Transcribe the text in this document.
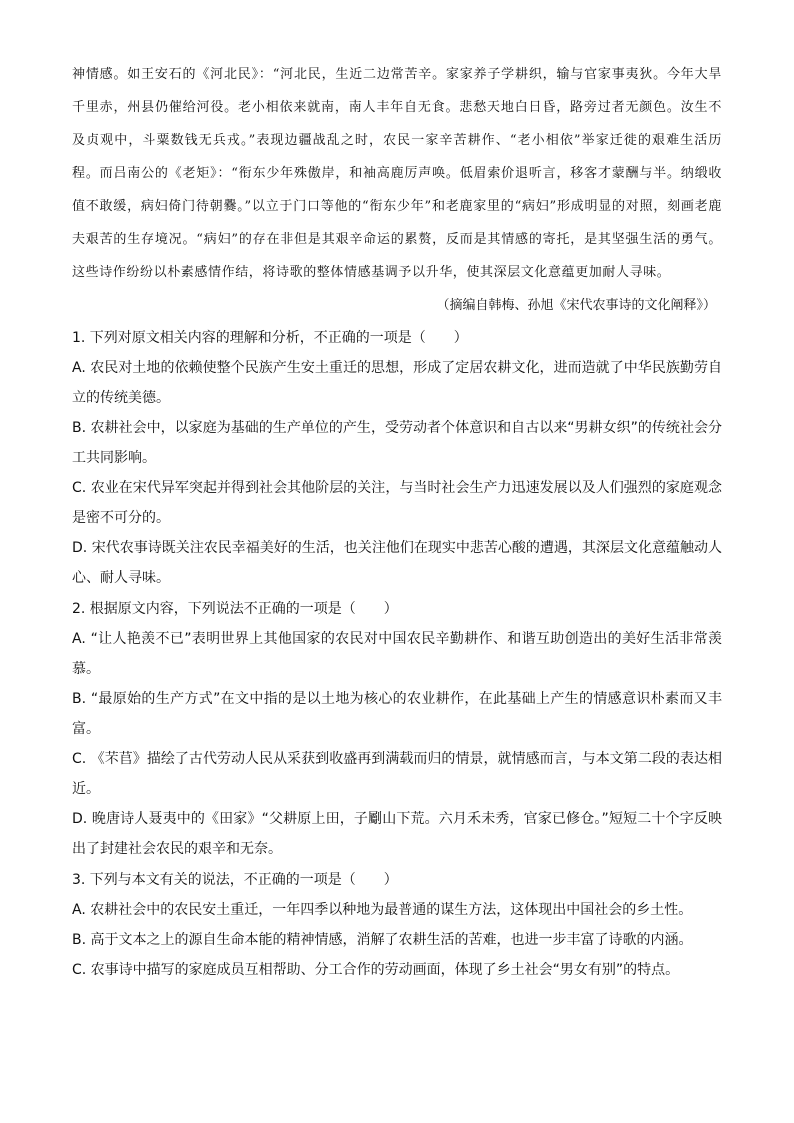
神情感。如王安石的《河北民》：“河北民，生近二边常苦辛。家家养子学耕织，输与官家事夷狄。今年大旱千里赤，州县仍催给河役。老小相依来就南，南人丰年自无食。悲愁天地白日昏，路旁过者无颜色。汝生不及贞观中，斗粟数钱无兵戎。”表现边疆战乱之时，农民一家辛苦耕作、“老小相依”举家迁徙的艰难生活历程。而吕南公的《老矩》：“衔东少年殊傲岸，和袖高鹿厉声唤。低眉索价退听言，移客才蒙酬与半。纳缎收值不敢缓，病妇倚门待朝爨。”以立于门口等他的“衔东少年”和老鹿家里的“病妇”形成明显的对照，刻画老鹿夫艰苦的生存境况。“病妇”的存在非但是其艰辛命运的累赘，反而是其情感的寄托，是其坚强生活的勇气。这些诗作纷纷以朴素感情作结，将诗歌的整体情感基调予以升华，使其深层文化意蕴更加耐人寻味。

（摘编自韩梅、孙旭《宋代农事诗的文化阐释》）

1. 下列对原文相关内容的理解和分析，不正确的一项是（　　）

A. 农民对土地的依赖使整个民族产生安土重迁的思想，形成了定居农耕文化，进而造就了中华民族勤劳自立的传统美德。

B. 农耕社会中，以家庭为基础的生产单位的产生，受劳动者个体意识和自古以来“男耕女织”的传统社会分工共同影响。

C. 农业在宋代异军突起并得到社会其他阶层的关注，与当时社会生产力迅速发展以及人们强烈的家庭观念是密不可分的。

D. 宋代农事诗既关注农民幸福美好的生活，也关注他们在现实中悲苦心酸的遭遇，其深层文化意蕴触动人心、耐人寻味。

2. 根据原文内容，下列说法不正确的一项是（　　）

A. “让人艳羡不已”表明世界上其他国家的农民对中国农民辛勤耕作、和谐互助创造出的美好生活非常羡慕。

B. “最原始的生产方式”在文中指的是以土地为核心的农业耕作，在此基础上产生的情感意识朴素而又丰富。

C. 《芣苢》描绘了古代劳动人民从采获到收盛再到满载而归的情景，就情感而言，与本文第二段的表达相近。

D. 晚唐诗人聂夷中的《田家》“父耕原上田，子劚山下荒。六月禾未秀，官家已修仓。”短短二十个字反映出了封建社会农民的艰辛和无奈。

3. 下列与本文有关的说法，不正确的一项是（　　）

A. 农耕社会中的农民安土重迁，一年四季以种地为最普通的谋生方法，这体现出中国社会的乡土性。

B. 高于文本之上的源自生命本能的精神情感，消解了农耕生活的苦难，也进一步丰富了诗歌的内涵。

C. 农事诗中描写的家庭成员互相帮助、分工合作的劳动画面，体现了乡土社会“男女有别”的特点。
